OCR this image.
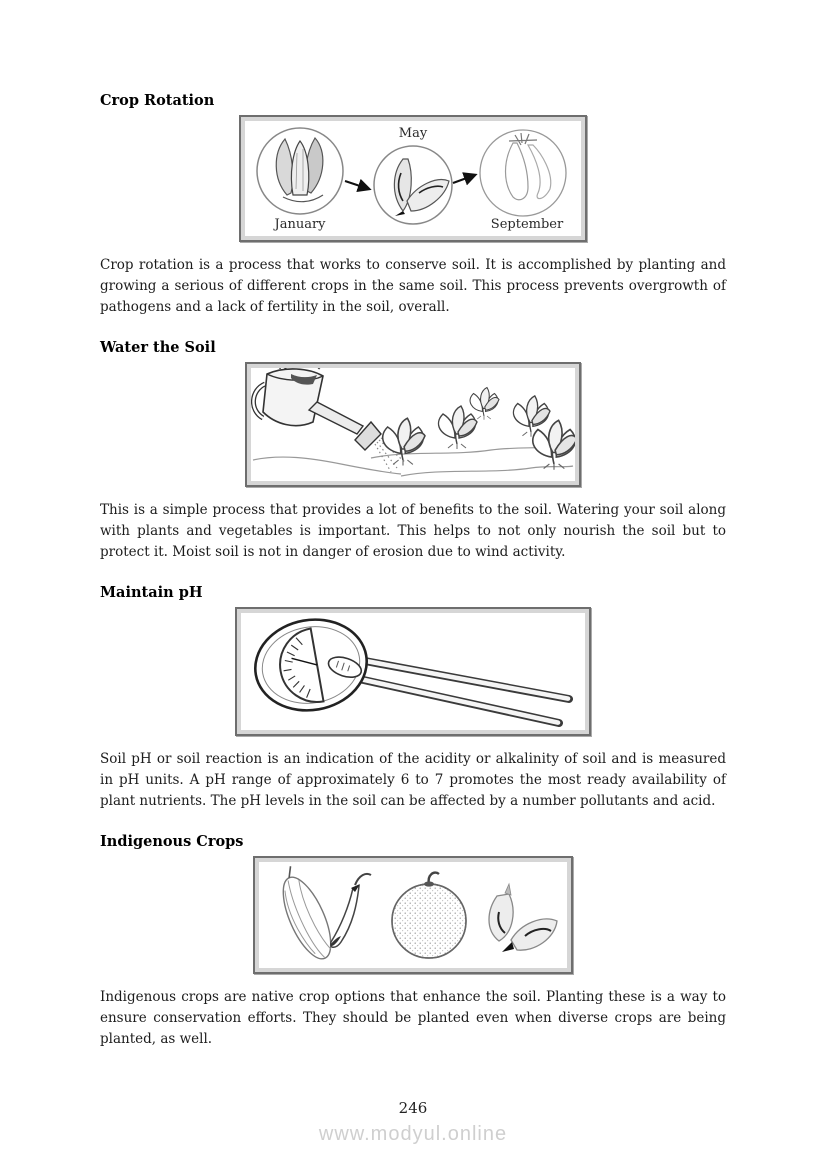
Crop Rotation
January
May
September

Crop rotation is a process that works to conserve soil. It is accomplished by planting and growing a serious of different crops in the same soil. This process prevents overgrowth of pathogens and a lack of fertility in the soil, overall.

Water the Soil

This is a simple process that provides a lot of benefits to the soil. Watering your soil along with plants and vegetables is important. This helps to not only nourish the soil but to protect it. Moist soil is not in danger of erosion due to wind activity.

Maintain pH

Soil pH or soil reaction is an indication of the acidity or alkalinity of soil and is measured in pH units. A pH range of approximately 6 to 7 promotes the most ready availability of plant nutrients. The pH levels in the soil can be affected by a number pollutants and acid.

Indigenous Crops

Indigenous crops are native crop options that enhance the soil. Planting these is a way to ensure conservation efforts. They should be planted even when diverse crops are being planted, as well.

246
www.modyul.online
